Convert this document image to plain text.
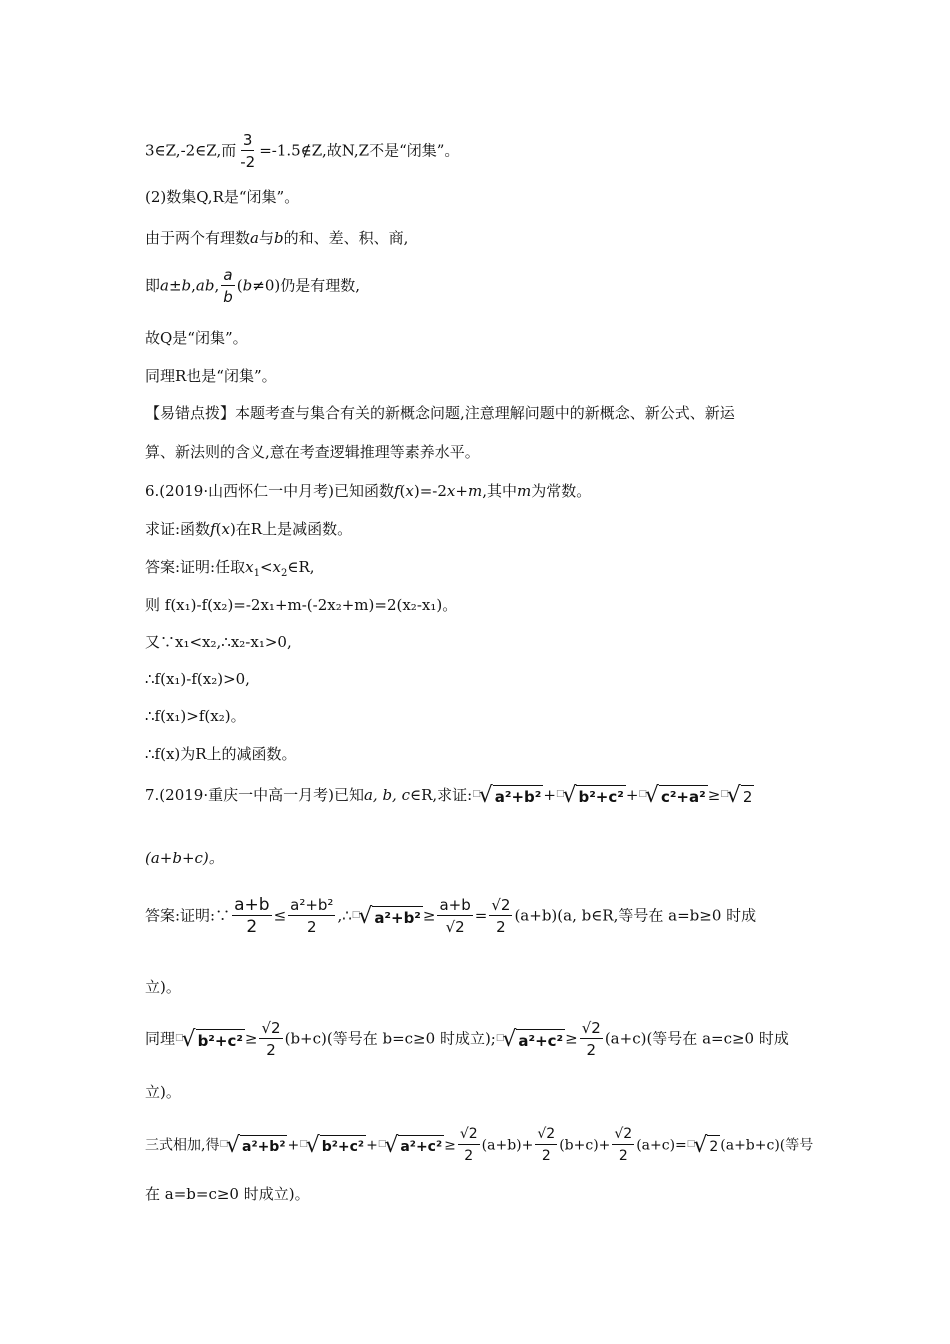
3∈Z,-2∈Z,而 $\frac{3}{-2}$ =-1.5∉Z,故N,Z不是“闭集”。
(2)数集Q,R是“闭集”。
由于两个有理数a与b的和、差、积、商,
即a±b,ab, $\frac{a}{b} (b\ne 0)$仍是有理数,
故Q是“闭集”。
同理R也是“闭集”。
【易错点拨】本题考查与集合有关的新概念问题,注意理解问题中的新概念、新公式、新运
算、新法则的含义,意在考查逻辑推理等素养水平。
6.(2019·山西怀仁一中月考)已知函数f(x)=-2x+m,其中m为常数。
求证:函数f(x)在R上是减函数。
答案:证明:任取$x_1<x_2\in R$,
则 f(x₁)-f(x₂)=-2x₁+m-(-2x₂+m)=2(x₂-x₁)。
又∵x₁<x₂,∴x₂-x₁>0,
∴f(x₁)-f(x₂)>0,
∴f(x₁)>f(x₂)。
∴f(x)为R上的减函数。
7.(2019·重庆一中高一月考)已知a, b, c∈R,求证: □
√ a²+b² + □
√ b²+c² + □
√ c²+a² ≥ □
√ 2
(a+b+c)。
答案:证明:∵ $\frac{a+b}{2} \le \frac{\text{a²+b²}}{2}$ ,∴ □
√ $a^2+b^2 \ge \frac{a+b}{√2} = \frac{√2}{2} (a+b)(a$, b∈R,等号在 a=b≥0 时成
立)。
同理 □
√ $b^2+c^2 \ge \frac{√2}{2} (b+c)$(等号在 b=c≥0 时成立); □
√ $a^2+c^2 \ge \frac{√2}{2} (a+c)$(等号在 a=c≥0 时成
立)。
三式相加,得 □
√ a²+b² + □
√ b²+c² + □
√ $a^2+c^2 \ge \frac{√2}{2} (a+b)+ \frac{√2}{2} (b+c)+ \frac{√2}{2} (a+c)=$ □
√ 2 (a+b+c)(等号
在 a=b=c≥0 时成立)。
